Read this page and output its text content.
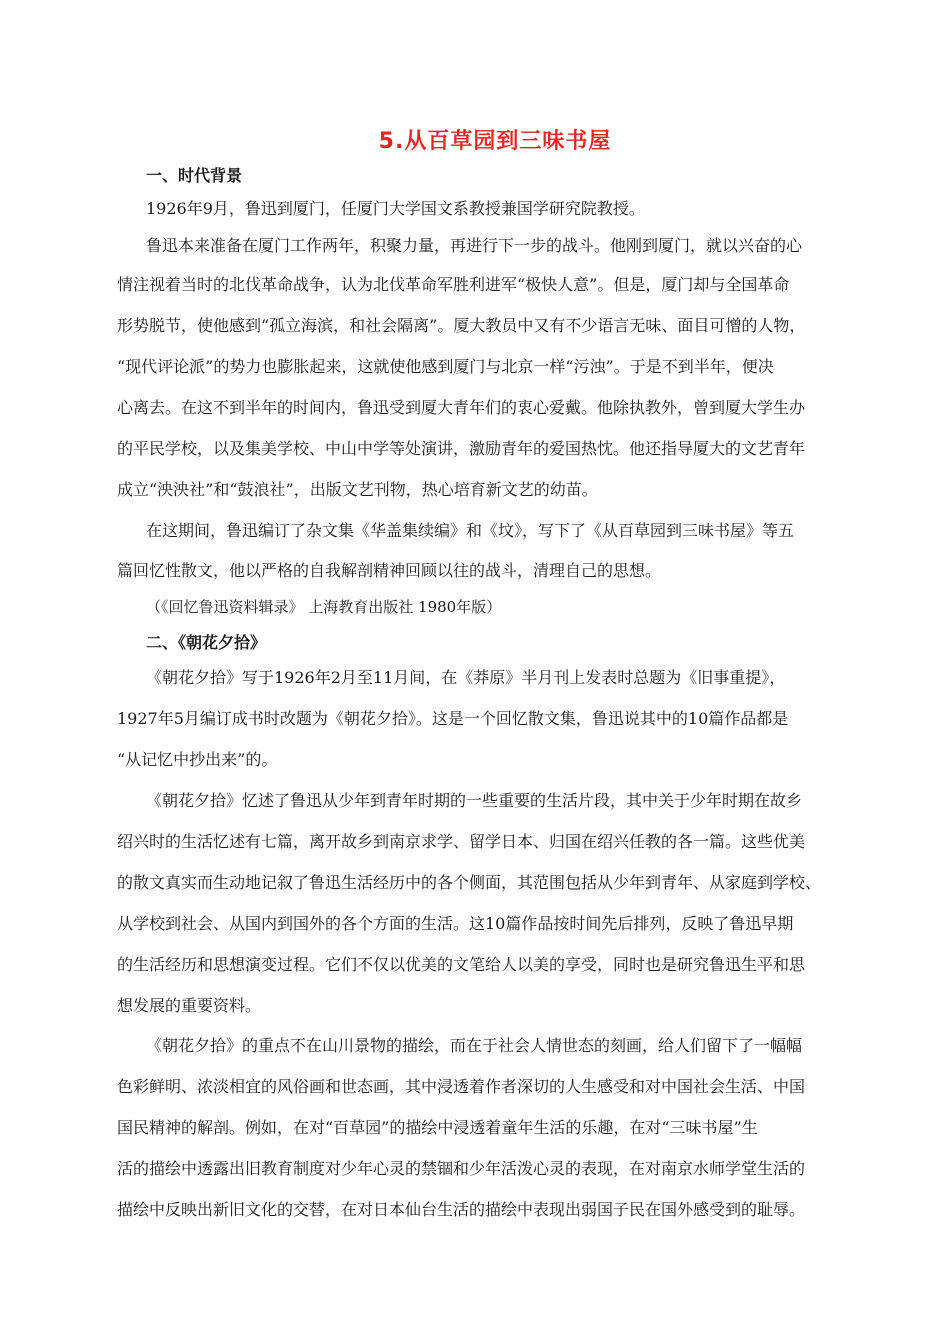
5.从百草园到三味书屋
一、时代背景
1926年9月，鲁迅到厦门，任厦门大学国文系教授兼国学研究院教授。
鲁迅本来准备在厦门工作两年，积聚力量，再进行下一步的战斗。他刚到厦门，就以兴奋的心
情注视着当时的北伐革命战争，认为北伐革命军胜利进军“极快人意”。但是，厦门却与全国革命
形势脱节，使他感到“孤立海滨，和社会隔离”。厦大教员中又有不少语言无味、面目可憎的人物，
“现代评论派”的势力也膨胀起来，这就使他感到厦门与北京一样“污浊”。于是不到半年，便决
心离去。在这不到半年的时间内，鲁迅受到厦大青年们的衷心爱戴。他除执教外，曾到厦大学生办
的平民学校，以及集美学校、中山中学等处演讲，激励青年的爱国热忱。他还指导厦大的文艺青年
成立“泱泱社”和“鼓浪社”，出版文艺刊物，热心培育新文艺的幼苗。
在这期间，鲁迅编订了杂文集《华盖集续编》和《坟》，写下了《从百草园到三味书屋》等五
篇回忆性散文，他以严格的自我解剖精神回顾以往的战斗，清理自己的思想。
（《回忆鲁迅资料辑录》 上海教育出版社 1980年版）
二、《朝花夕拾》
《朝花夕拾》写于1926年2月至11月间，在《莽原》半月刊上发表时总题为《旧事重提》，
1927年5月编订成书时改题为《朝花夕拾》。这是一个回忆散文集，鲁迅说其中的10篇作品都是
“从记忆中抄出来”的。
《朝花夕拾》忆述了鲁迅从少年到青年时期的一些重要的生活片段，其中关于少年时期在故乡
绍兴时的生活忆述有七篇，离开故乡到南京求学、留学日本、归国在绍兴任教的各一篇。这些优美
的散文真实而生动地记叙了鲁迅生活经历中的各个侧面，其范围包括从少年到青年、从家庭到学校、
从学校到社会、从国内到国外的各个方面的生活。这10篇作品按时间先后排列，反映了鲁迅早期
的生活经历和思想演变过程。它们不仅以优美的文笔给人以美的享受，同时也是研究鲁迅生平和思
想发展的重要资料。
《朝花夕拾》的重点不在山川景物的描绘，而在于社会人情世态的刻画，给人们留下了一幅幅
色彩鲜明、浓淡相宜的风俗画和世态画，其中浸透着作者深切的人生感受和对中国社会生活、中国
国民精神的解剖。例如，在对“百草园”的描绘中浸透着童年生活的乐趣，在对“三味书屋”生
活的描绘中透露出旧教育制度对少年心灵的禁锢和少年活泼心灵的表现，在对南京水师学堂生活的
描绘中反映出新旧文化的交替，在对日本仙台生活的描绘中表现出弱国子民在国外感受到的耻辱。
